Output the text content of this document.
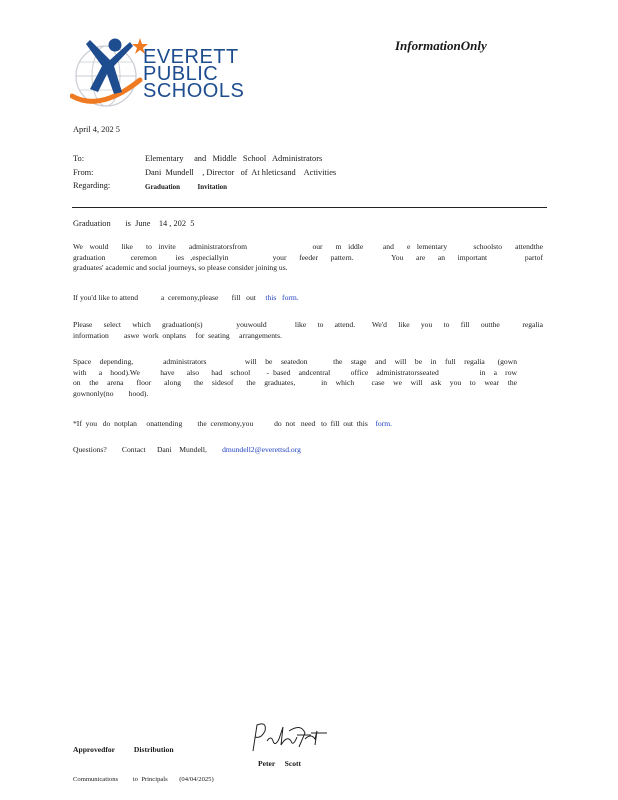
EVERETT
PUBLIC
SCHOOLS
InformationOnly
April 4, 202 5
To:	Elementary     and   Middle   School   Administrators
From:	Dani  Mundell    , Director   of  At hleticsand    Activities
Regarding:	Graduation          Invitation
Graduation       is  June    14 , 202  5
We would  like  to invite  administratorsfrom          our  m iddle   and  e lementary    schoolsto  attendthe
graduation    ceremon   ies ,especiallyin       your  feeder  pattern.      You  are  an  important      partof
graduates' academic and social journeys, so please consider joining us.
If you'd like to attend            a  ceremony,please       fill   out this   form.
Please  select  which  graduation(s)      youwould     like  to  attend.   We'd  like  you  to  fill  outthe    regalia
information        aswe  work  onplans     for  seating     arrangements.
Space  depending,       administrators         will  be  seatedon      the  stage  and  will  be  in  full  regalia   (gown
with   a  hood).We     have   also   had  school    - based  andcentral     office  administratorsseated          in  a  row
on  the  arena   floor   along   the  sidesof   the  graduates,      in  which    case  we  will  ask  you  to  wear  the
gownonly(no        hood).
*If  you   do  notplan     onattending        the  ceremony,you           do  not   need   to  fill  out  this form.
Questions?        Contact      Dani    Mundell, dmundell2@everettsd.org
Approvedfor          Distribution
Peter     Scott
Communications         to  Principals       (04/04/2025)
